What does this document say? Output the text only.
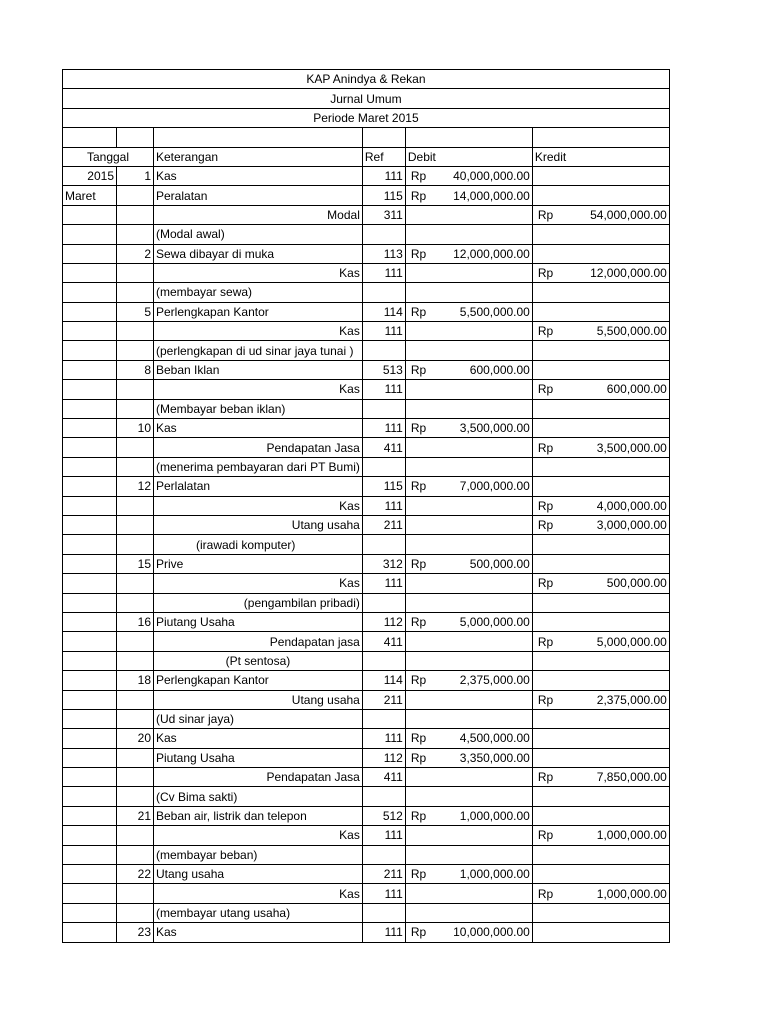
KAP Anindya & Rekan					
Jurnal Umum					
Periode Maret 2015					

Tanggal		Keterangan	Ref	Debit	Kredit
2015	1	Kas	111	Rp 40,000,000.00	

Maret		Peralatan	115	Rp 14,000,000.00	

		Modal	311		Rp 54,000,000.00

		(Modal awal)		

	2	Sewa dibayar di muka	113	Rp 12,000,000.00	

		Kas	111		Rp 12,000,000.00

		(membayar sewa)		

	5	Perlengkapan Kantor	114	Rp 5,500,000.00	

		Kas	111		Rp 5,500,000.00

		(perlengkapan di ud sinar jaya tunai )		

	8	Beban Iklan	513	Rp 600,000.00	

		Kas	111		Rp 600,000.00

		(Membayar beban iklan)		

	10	Kas	111	Rp 3,500,000.00	

		Pendapatan Jasa	411		Rp 3,500,000.00

		(menerima pembayaran dari PT Bumi)		

	12	Perlalatan	115	Rp 7,000,000.00	

		Kas	111		Rp 4,000,000.00

		Utang usaha	211		Rp 3,000,000.00

		(irawadi komputer)		

	15	Prive	312	Rp 500,000.00	

		Kas	111		Rp 500,000.00

		(pengambilan pribadi)		

	16	Piutang Usaha	112	Rp 5,000,000.00	

		Pendapatan jasa	411		Rp 5,000,000.00

		(Pt sentosa)		

	18	Perlengkapan Kantor	114	Rp 2,375,000.00	

		Utang usaha	211		Rp 2,375,000.00

		(Ud sinar jaya)		

	20	Kas	111	Rp 4,500,000.00	

		Piutang Usaha	112	Rp 3,350,000.00	

		Pendapatan Jasa	411		Rp 7,850,000.00

		(Cv Bima sakti)		

	21	Beban air, listrik dan telepon	512	Rp 1,000,000.00	

		Kas	111		Rp 1,000,000.00

		(membayar beban)		

	22	Utang usaha	211	Rp 1,000,000.00	

		Kas	111		Rp 1,000,000.00

		(membayar utang usaha)		

	23	Kas	111	Rp 10,000,000.00	
